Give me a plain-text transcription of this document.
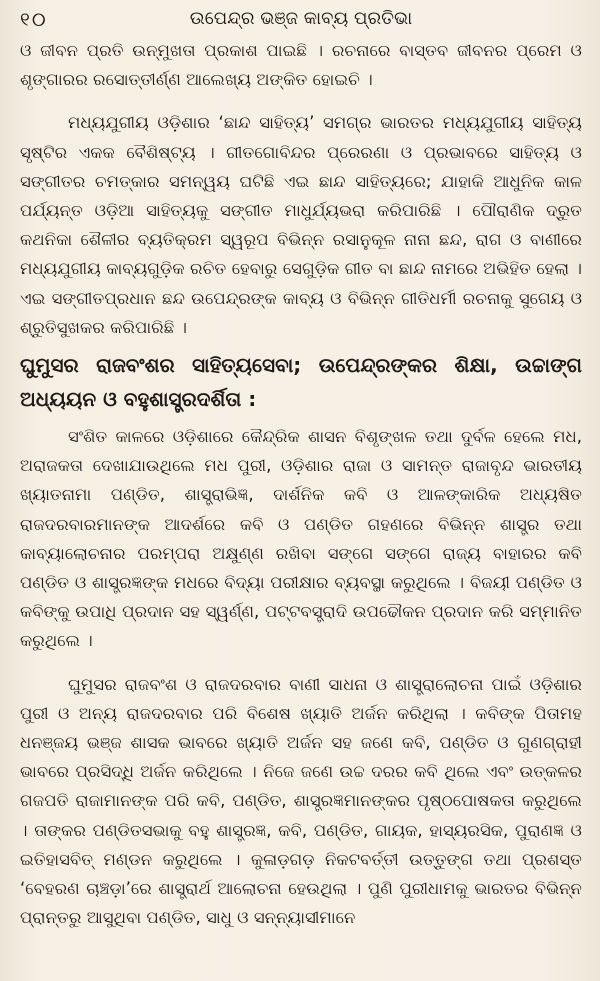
୧୦	ଉପେନ୍ଦ୍ର ଭଞ୍ଜ କାବ୍ୟ ପ୍ରତିଭା

ଓ ଜୀବନ ପ୍ରତି ଉନ୍ମୁଖତା ପ୍ରକାଶ ପାଇଛି । ରଚନାରେ ବାସ୍ତବ ଜୀବନର ପ୍ରେମ ଓ ଶୃଙ୍ଗାରର ରସୋତ୍ତୀର୍ଣ୍ଣ ଆଲେଖ୍ୟ ଅଙ୍କିତ ହୋଇଚି ।

ମଧ୍ୟଯୁଗୀୟ ଓଡ଼ିଶାର ‘ଛାନ୍ଦ ସାହିତ୍ୟ’ ସମଗ୍ର ଭାରତର ମଧ୍ୟଯୁଗୀୟ ସାହିତ୍ୟ ସୃଷ୍ଟିର ଏକକ ବୈଶିଷ୍ଟ୍ୟ । ଗୀତଗୋବିନ୍ଦର ପ୍ରେରଣା ଓ ପ୍ରଭାବରେ ସାହିତ୍ୟ ଓ ସଙ୍ଗୀତର ଚମତ୍କାର ସମନ୍ୱୟ ଘଟିଛି ଏଇ ଛାନ୍ଦ ସାହିତ୍ୟରେ; ଯାହାକି ଆଧୁନିକ କାଳ ପର୍ଯ୍ୟନ୍ତ ଓଡ଼ିଆ ସାହିତ୍ୟକୁ ସଙ୍ଗୀତ ମାଧୁର୍ଯ୍ୟଭରା କରିପାରିଛି । ପୌରାଣିକ ଦ୍ରୁତ କଥନିକା ଶୈଳୀର ବ୍ୟତିକ୍ରମ ସ୍ୱରୂପ ବିଭିନ୍ନ ରସାନୁକୂଳ ନାନା ଛନ୍ଦ, ରାଗ ଓ ବାଣୀରେ ମଧ୍ୟଯୁଗୀୟ କାବ୍ୟଗୁଡ଼ିକ ରଚିତ ହେବାରୁ ସେଗୁଡ଼ିକ ଗୀତ ବା ଛାନ୍ଦ ନାମରେ ଅଭିହିତ ହେଲା । ଏଇ ସଙ୍ଗୀତପ୍ରଧାନ ଛନ୍ଦ ଉପେନ୍ଦ୍ରଙ୍କ କାବ୍ୟ ଓ ବିଭିନ୍ନ ଗୀତିଧର୍ମୀ ରଚନାକୁ ସୁଗେୟ ଓ ଶ୍ରୁତିସୁଖକର କରିପାରିଛି ।

ଘୁମୁସର ରାଜବଂଶର ସାହିତ୍ୟସେବା; ଉପେନ୍ଦ୍ରଙ୍କର ଶିକ୍ଷା, ଉଚ୍ଚାଙ୍ଗ ଅଧ୍ୟୟନ ଓ ବହୁଶାସ୍ତ୍ରଦର୍ଶିତା :

ସଂଶିତ କାଳରେ ଓଡ଼ିଶାରେ କୈନ୍ଦ୍ରିକ ଶାସନ ବିଶୃଙ୍ଖଳ ତଥା ଦୁର୍ବଳ ହେଲେ ମଧ, ଅରାଜକତା ଦେଖାଯାଉଥିଲେ ମଧ ପୁରୀ, ଓଡ଼ିଶାର ରାଜା ଓ ସାମନ୍ତ ରାଜାବୃନ୍ଦ ଭାରତୀୟ ଖ୍ୟାତନାମା ପଣ୍ଡିତ, ଶାସ୍ତ୍ରାଭିଜ୍ଞ, ଦାର୍ଶନିକ କବି ଓ ଆଳଙ୍କାରିକ ଅଧ୍ୟଷିତ ରାଜଦରବାରମାନଙ୍କ ଆଦର୍ଶରେ କବି ଓ ପଣ୍ଡିତ ଗହଣରେ ବିଭିନ୍ନ ଶାସ୍ତ୍ର ତଥା କାବ୍ୟାଲୋଚନାର ପରମ୍ପରା ଅକ୍ଷୁଣ୍ଣ ରଖିବା ସଙ୍ଗେ ସଙ୍ଗେ ରାଜ୍ୟ ବାହାରର କବି ପଣ୍ଡିତ ଓ ଶାସ୍ତ୍ରଜ୍ଞଙ୍କ ମଧରେ ବିଦ୍ୟା ପରୀକ୍ଷାର ବ୍ୟବସ୍ଥା କରୁଥିଲେ । ବିଜୟୀ ପଣ୍ଡିତ ଓ କବିଙ୍କୁ ଉପାଧି ପ୍ରଦାନ ସହ ସ୍ୱର୍ଣ୍ଣ, ପଟ୍ଟବସ୍ତ୍ରାଦି ଉପଢୌକନ ପ୍ରଦାନ କରି ସମ୍ମାନିତ କରୁଥିଲେ ।

ଘୁମୁସର ରାଜବଂଶ ଓ ରାଜଦରବାର ବାଣୀ ସାଧନା ଓ ଶାସ୍ତ୍ରାଲୋଚନା ପାଇଁ ଓଡ଼ିଶାର ପୁରୀ ଓ ଅନ୍ୟ ରାଜଦରବାର ପରି ବିଶେଷ ଖ୍ୟାତି ଅର୍ଜନ କରିଥିଲା । କବିଙ୍କ ପିତାମହ ଧନଞ୍ଜୟ ଭଞ୍ଜ ଶାସକ ଭାବରେ ଖ୍ୟାତି ଅର୍ଜନ ସହ ଜଣେ କବି, ପଣ୍ଡିତ ଓ ଗୁଣଗ୍ରାହୀ ଭାବରେ ପ୍ରସିଦ୍ଧି ଅର୍ଜନ କରିଥିଲେ । ନିଜେ ଜଣେ ଉଚ୍ଚ ଦରର କବି ଥିଲେ ଏବଂ ଉତ୍କଳର ଗଜପତି ରାଜାମାନଙ୍କ ପରି କବି, ପଣ୍ଡିତ, ଶାସ୍ତ୍ରଜ୍ଞମାନଙ୍କର ପୃଷ୍ଠପୋଷକତା କରୁଥିଲେ । ତାଙ୍କର ପଣ୍ଡିତସଭାକୁ ବହୁ ଶାସ୍ତ୍ରଜ୍ଞ, କବି, ପଣ୍ଡିତ, ଗାୟକ, ହାସ୍ୟରସିକ, ପୁରାଣଜ୍ଞ ଓ ଇତିହାସବିତ୍ ମଣ୍ଡନ କରୁଥିଲେ । କୁଳାଡ଼ଗଡ଼ ନିକଟବର୍ତ୍ତୀ ଉତ୍ତୁଙ୍ଗ ତଥା ପ୍ରଶସ୍ତ ‘ବେହରଣ ଚାଞ୍ଚଡ଼ା’ରେ ଶାସ୍ତ୍ରାର୍ଥ ଆଲୋଚନା ହେଉଥିଲା । ପୁଣି ପୁରୀଧାମକୁ ଭାରତର ବିଭିନ୍ନ ପ୍ରାନ୍ତରୁ ଆସୁଥିବା ପଣ୍ଡିତ, ସାଧୁ ଓ ସନ୍ନ୍ୟାସୀମାନେ
